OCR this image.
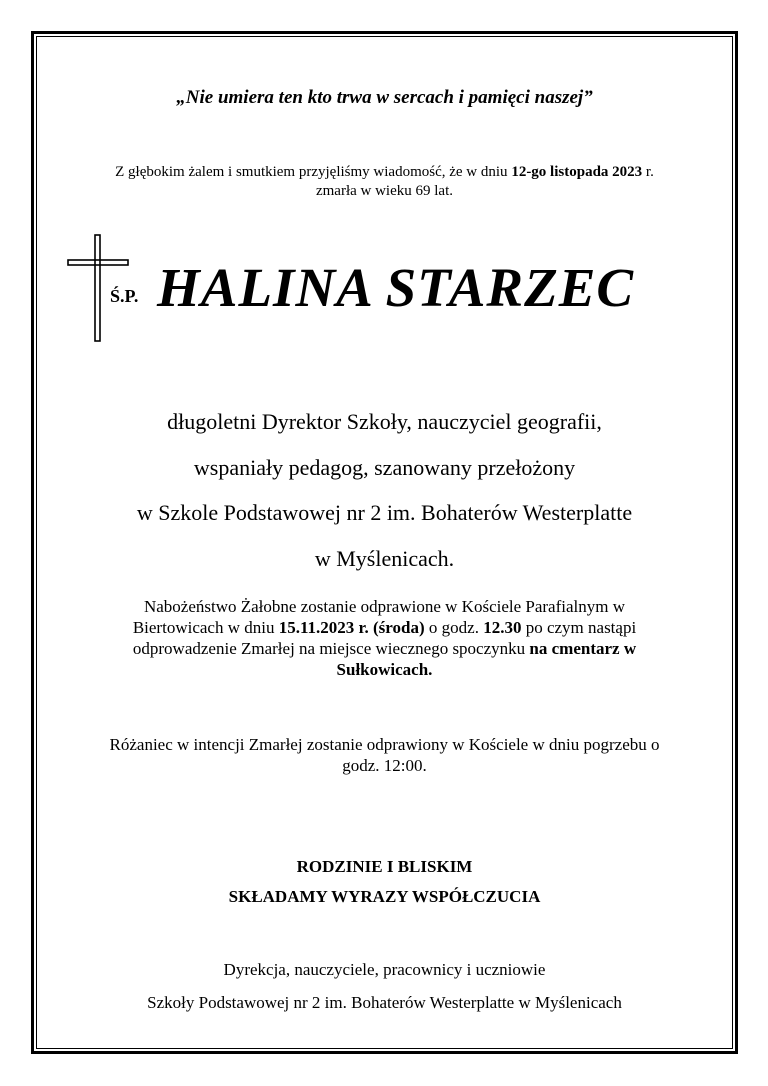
„Nie umiera ten kto trwa w sercach i pamięci naszej”
Z głębokim żalem i smutkiem przyjęliśmy wiadomość, że w dniu 12-go listopada 2023 r.
zmarła w wieku 69 lat.
Ś.P. HALINA STARZEC
długoletni Dyrektor Szkoły, nauczyciel geografii,
wspaniały pedagog, szanowany przełożony
w Szkole Podstawowej nr 2 im. Bohaterów Westerplatte
w Myślenicach.
Nabożeństwo Żałobne zostanie odprawione w Kościele Parafialnym w
Biertowicach w dniu 15.11.2023 r. (środa) o godz. 12.30 po czym nastąpi
odprowadzenie Zmarłej na miejsce wiecznego spoczynku na cmentarz w
Sułkowicach.
Różaniec w intencji Zmarłej zostanie odprawiony w Kościele w dniu pogrzebu o
godz. 12:00.
RODZINIE I BLISKIM
SKŁADAMY WYRAZY WSPÓŁCZUCIA
Dyrekcja, nauczyciele, pracownicy i uczniowie
Szkoły Podstawowej nr 2 im. Bohaterów Westerplatte w Myślenicach
